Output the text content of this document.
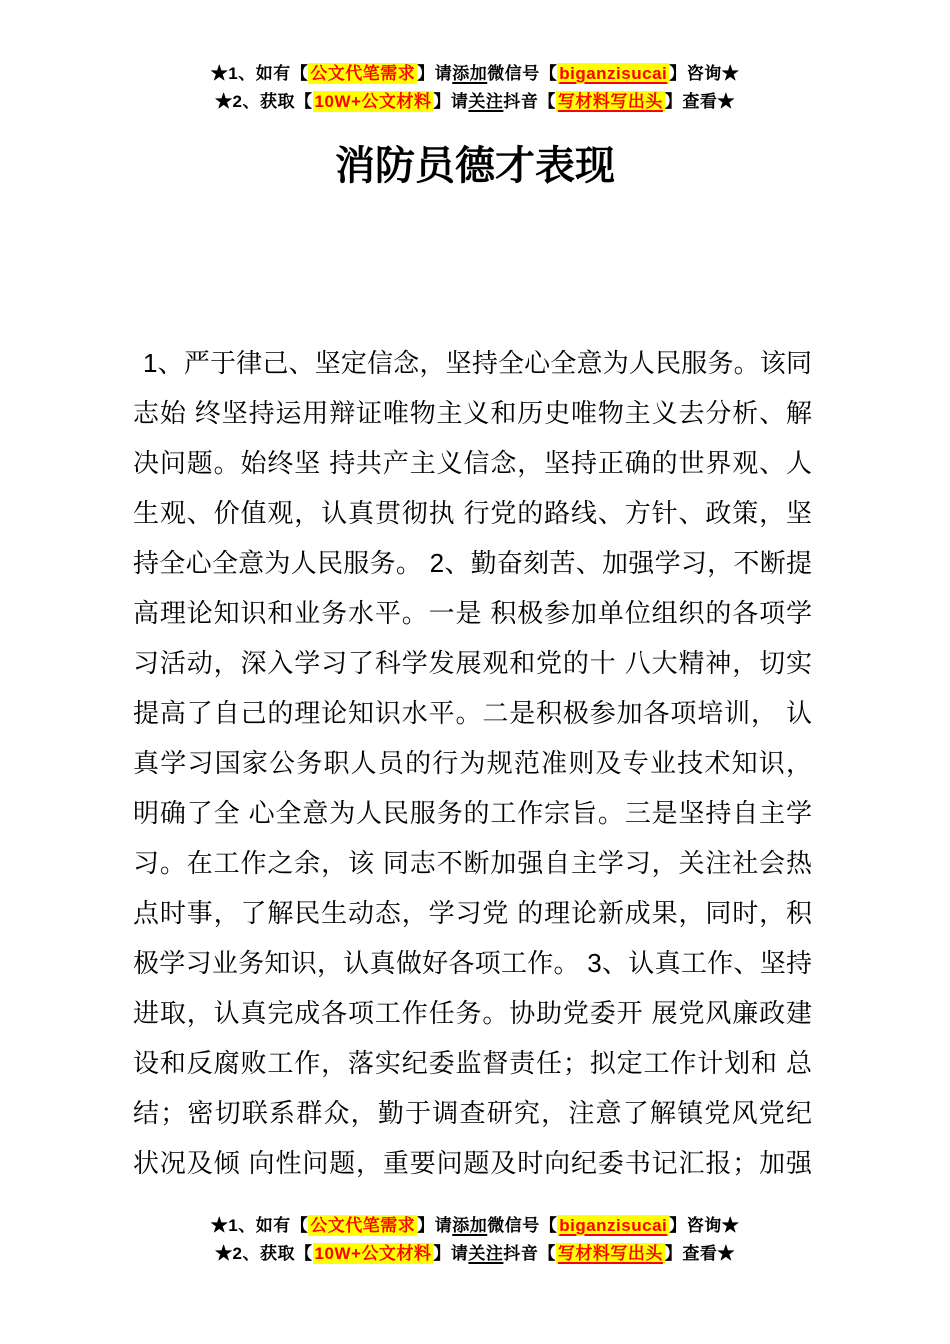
★1、如有【 公文代笔需求 】请添加微信号【 biganzisucai 】咨询★
★2、获取【 10W+公文材料 】请关注抖音【 写材料写出头 】查看★
消防员德才表现
1、严于律己、坚定信念，坚持全心全意为人民服务。该同
志始 终坚持运用辩证唯物主义和历史唯物主义去分析、解
决问题。始终坚 持共产主义信念，坚持正确的世界观、人
生观、价值观，认真贯彻执 行党的路线、方针、政策，坚
持全心全意为人民服务。 2、勤奋刻苦、加强学习，不断提
高理论知识和业务水平。一是 积极参加单位组织的各项学
习活动，深入学习了科学发展观和党的十 八大精神，切实
提高了自己的理论知识水平。二是积极参加各项培训， 认
真学习国家公务职人员的行为规范准则及专业技术知识，
明确了全 心全意为人民服务的工作宗旨。三是坚持自主学
习。在工作之余，该 同志不断加强自主学习，关注社会热
点时事，了解民生动态，学习党 的理论新成果，同时，积
极学习业务知识，认真做好各项工作。 3、认真工作、坚持
进取，认真完成各项工作任务。协助党委开 展党风廉政建
设和反腐败工作，落实纪委监督责任；拟定工作计划和 总
结；密切联系群众，勤于调查研究，注意了解镇党风党纪
状况及倾 向性问题，重要问题及时向纪委书记汇报；加强
★1、如有【 公文代笔需求 】请添加微信号【 biganzisucai 】咨询★
★2、获取【 10W+公文材料 】请关注抖音【 写材料写出头 】查看★
